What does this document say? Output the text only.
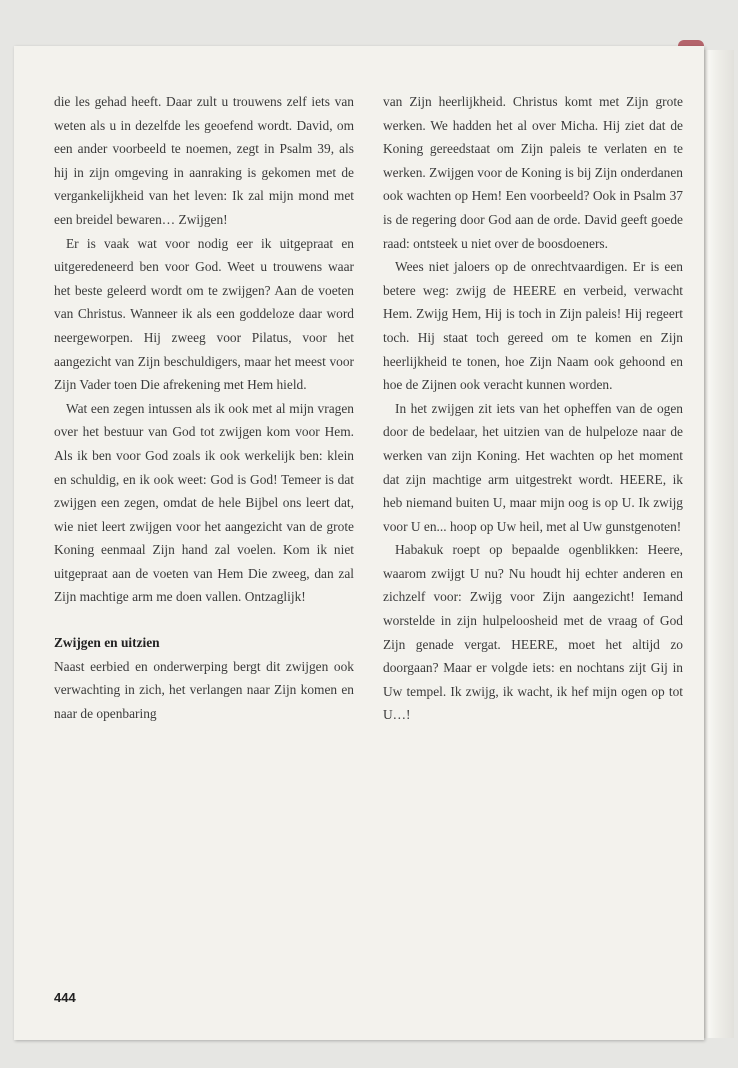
die les gehad heeft. Daar zult u trouwens zelf iets van weten als u in dezelfde les geoefend wordt. David, om een ander voorbeeld te noemen, zegt in Psalm 39, als hij in zijn omgeving in aanraking is gekomen met de vergankelijkheid van het leven: Ik zal mijn mond met een breidel bewaren… Zwijgen!

Er is vaak wat voor nodig eer ik uitgepraat en uitgeredeneerd ben voor God. Weet u trouwens waar het beste geleerd wordt om te zwijgen? Aan de voeten van Christus. Wanneer ik als een goddeloze daar word neergeworpen. Hij zweeg voor Pilatus, voor het aangezicht van Zijn beschuldigers, maar het meest voor Zijn Vader toen Die afrekening met Hem hield.

Wat een zegen intussen als ik ook met al mijn vragen over het bestuur van God tot zwijgen kom voor Hem. Als ik ben voor God zoals ik ook werkelijk ben: klein en schuldig, en ik ook weet: God is God! Temeer is dat zwijgen een zegen, omdat de hele Bijbel ons leert dat, wie niet leert zwijgen voor het aangezicht van de grote Koning eenmaal Zijn hand zal voelen. Kom ik niet uitgepraat aan de voeten van Hem Die zweeg, dan zal Zijn machtige arm me doen vallen. Ontzaglijk!

Zwijgen en uitzien

Naast eerbied en onderwerping bergt dit zwijgen ook verwachting in zich, het verlangen naar Zijn komen en naar de openbaring

van Zijn heerlijkheid. Christus komt met Zijn grote werken. We hadden het al over Micha. Hij ziet dat de Koning gereedstaat om Zijn paleis te verlaten en te werken. Zwijgen voor de Koning is bij Zijn onderdanen ook wachten op Hem! Een voorbeeld? Ook in Psalm 37 is de regering door God aan de orde. David geeft goede raad: ontsteek u niet over de boosdoeners.

Wees niet jaloers op de onrechtvaardigen. Er is een betere weg: zwijg de HEERE en verbeid, verwacht Hem. Zwijg Hem, Hij is toch in Zijn paleis! Hij regeert toch. Hij staat toch gereed om te komen en Zijn heerlijkheid te tonen, hoe Zijn Naam ook gehoond en hoe de Zijnen ook veracht kunnen worden.

In het zwijgen zit iets van het opheffen van de ogen door de bedelaar, het uitzien van de hulpeloze naar de werken van zijn Koning. Het wachten op het moment dat zijn machtige arm uitgestrekt wordt. HEERE, ik heb niemand buiten U, maar mijn oog is op U. Ik zwijg voor U en... hoop op Uw heil, met al Uw gunstgenoten!

Habakuk roept op bepaalde ogenblikken: Heere, waarom zwijgt U nu? Nu houdt hij echter anderen en zichzelf voor: Zwijg voor Zijn aangezicht! Iemand worstelde in zijn hulpeloosheid met de vraag of God Zijn genade vergat. HEERE, moet het altijd zo doorgaan? Maar er volgde iets: en nochtans zijt Gij in Uw tempel. Ik zwijg, ik wacht, ik hef mijn ogen op tot U…!

444
